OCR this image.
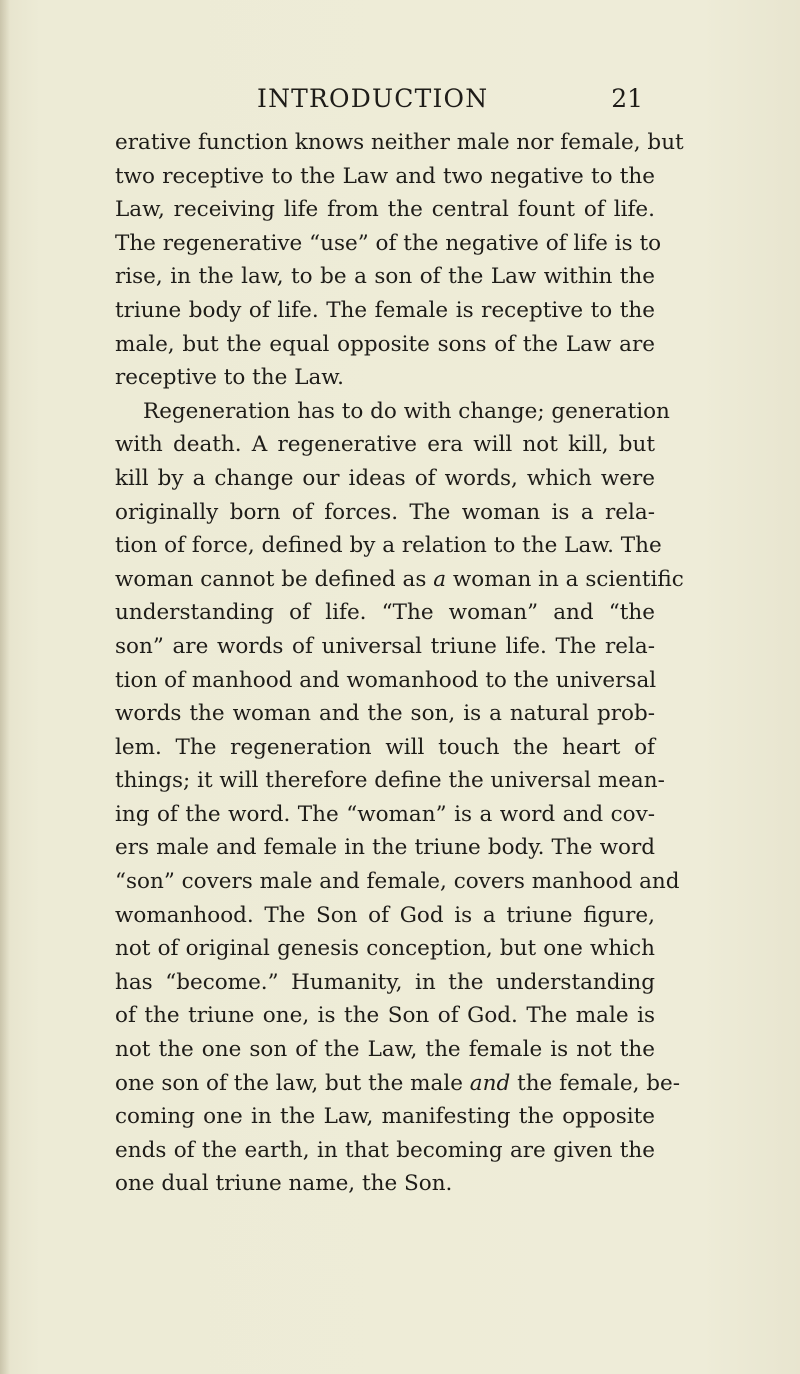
INTRODUCTION	21
erative function knows neither male nor female, but
two receptive to the Law and two negative to the
Law, receiving life from the central fount of life.
The regenerative “use” of the negative of life is to
rise, in the law, to be a son of the Law within the
triune body of life. The female is receptive to the
male, but the equal opposite sons of the Law are
receptive to the Law.
Regeneration has to do with change; generation
with death. A regenerative era will not kill, but
kill by a change our ideas of words, which were
originally born of forces. The woman is a rela-
tion of force, defined by a relation to the Law. The
woman cannot be defined as a woman in a scientific
understanding of life. “The woman” and “the
son” are words of universal triune life. The rela-
tion of manhood and womanhood to the universal
words the woman and the son, is a natural prob-
lem. The regeneration will touch the heart of
things; it will therefore define the universal mean-
ing of the word. The “woman” is a word and cov-
ers male and female in the triune body. The word
“son” covers male and female, covers manhood and
womanhood. The Son of God is a triune figure,
not of original genesis conception, but one which
has “become.” Humanity, in the understanding
of the triune one, is the Son of God. The male is
not the one son of the Law, the female is not the
one son of the law, but the male and the female, be-
coming one in the Law, manifesting the opposite
ends of the earth, in that becoming are given the
one dual triune name, the Son.
